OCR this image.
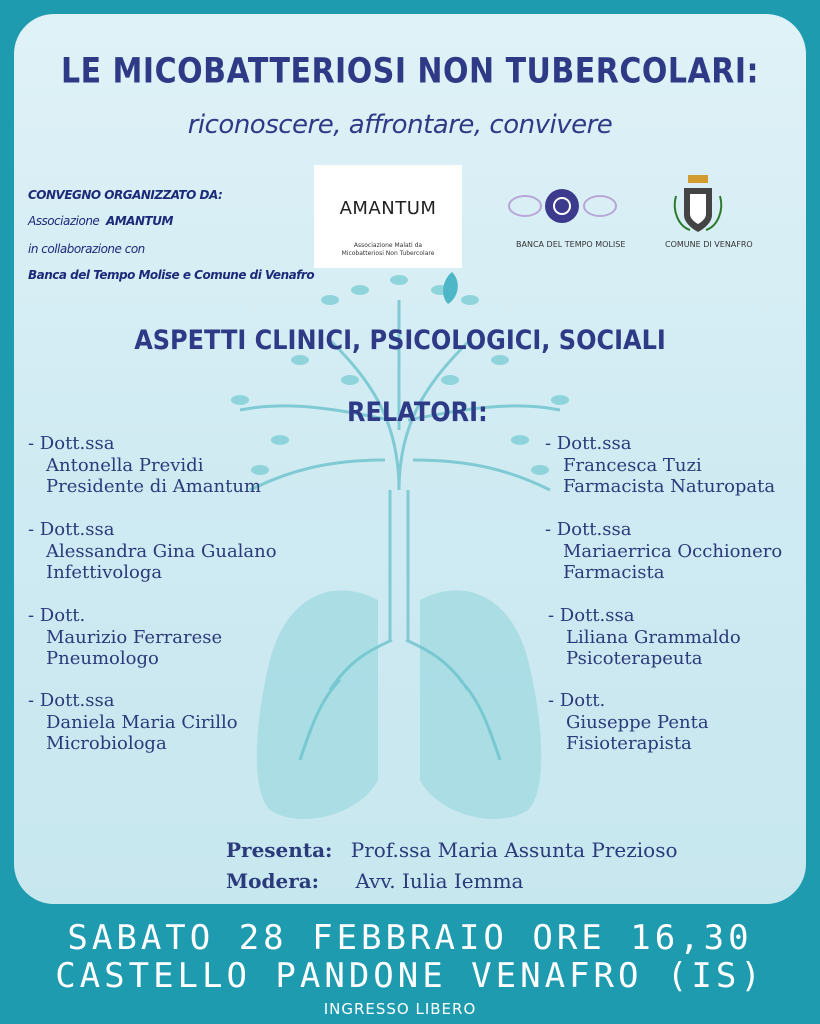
LE MICOBATTERIOSI NON TUBERCOLARI:
riconoscere, affrontare, convivere
CONVEGNO ORGANIZZATO DA:
Associazione AMANTUM
in collaborazione con
Banca del Tempo Molise e Comune di Venafro
AMANTUM
Associazione Malati da
Micobatteriosi Non Tubercolare
BANCA DEL TEMPO MOLISE	COMUNE DI VENAFRO
ASPETTI CLINICI, PSICOLOGICI, SOCIALI
RELATORI:
- Dott.ssa
Antonella Previdi
Presidente di Amantum
- Dott.ssa
Alessandra Gina Gualano
Infettivologa
- Dott.
Maurizio Ferrarese
Pneumologo
- Dott.ssa
Daniela Maria Cirillo
Microbiologa
- Dott.ssa
Francesca Tuzi
Farmacista Naturopata
- Dott.ssa
Mariaerrica Occhionero
Farmacista
- Dott.ssa
Liliana Grammaldo
Psicoterapeuta
- Dott.
Giuseppe Penta
Fisioterapista
Presenta: Prof.ssa Maria Assunta Prezioso
Modera: Avv. Iulia Iemma
SABATO 28 FEBBRAIO ORE 16,30
CASTELLO PANDONE VENAFRO (IS)
INGRESSO LIBERO
